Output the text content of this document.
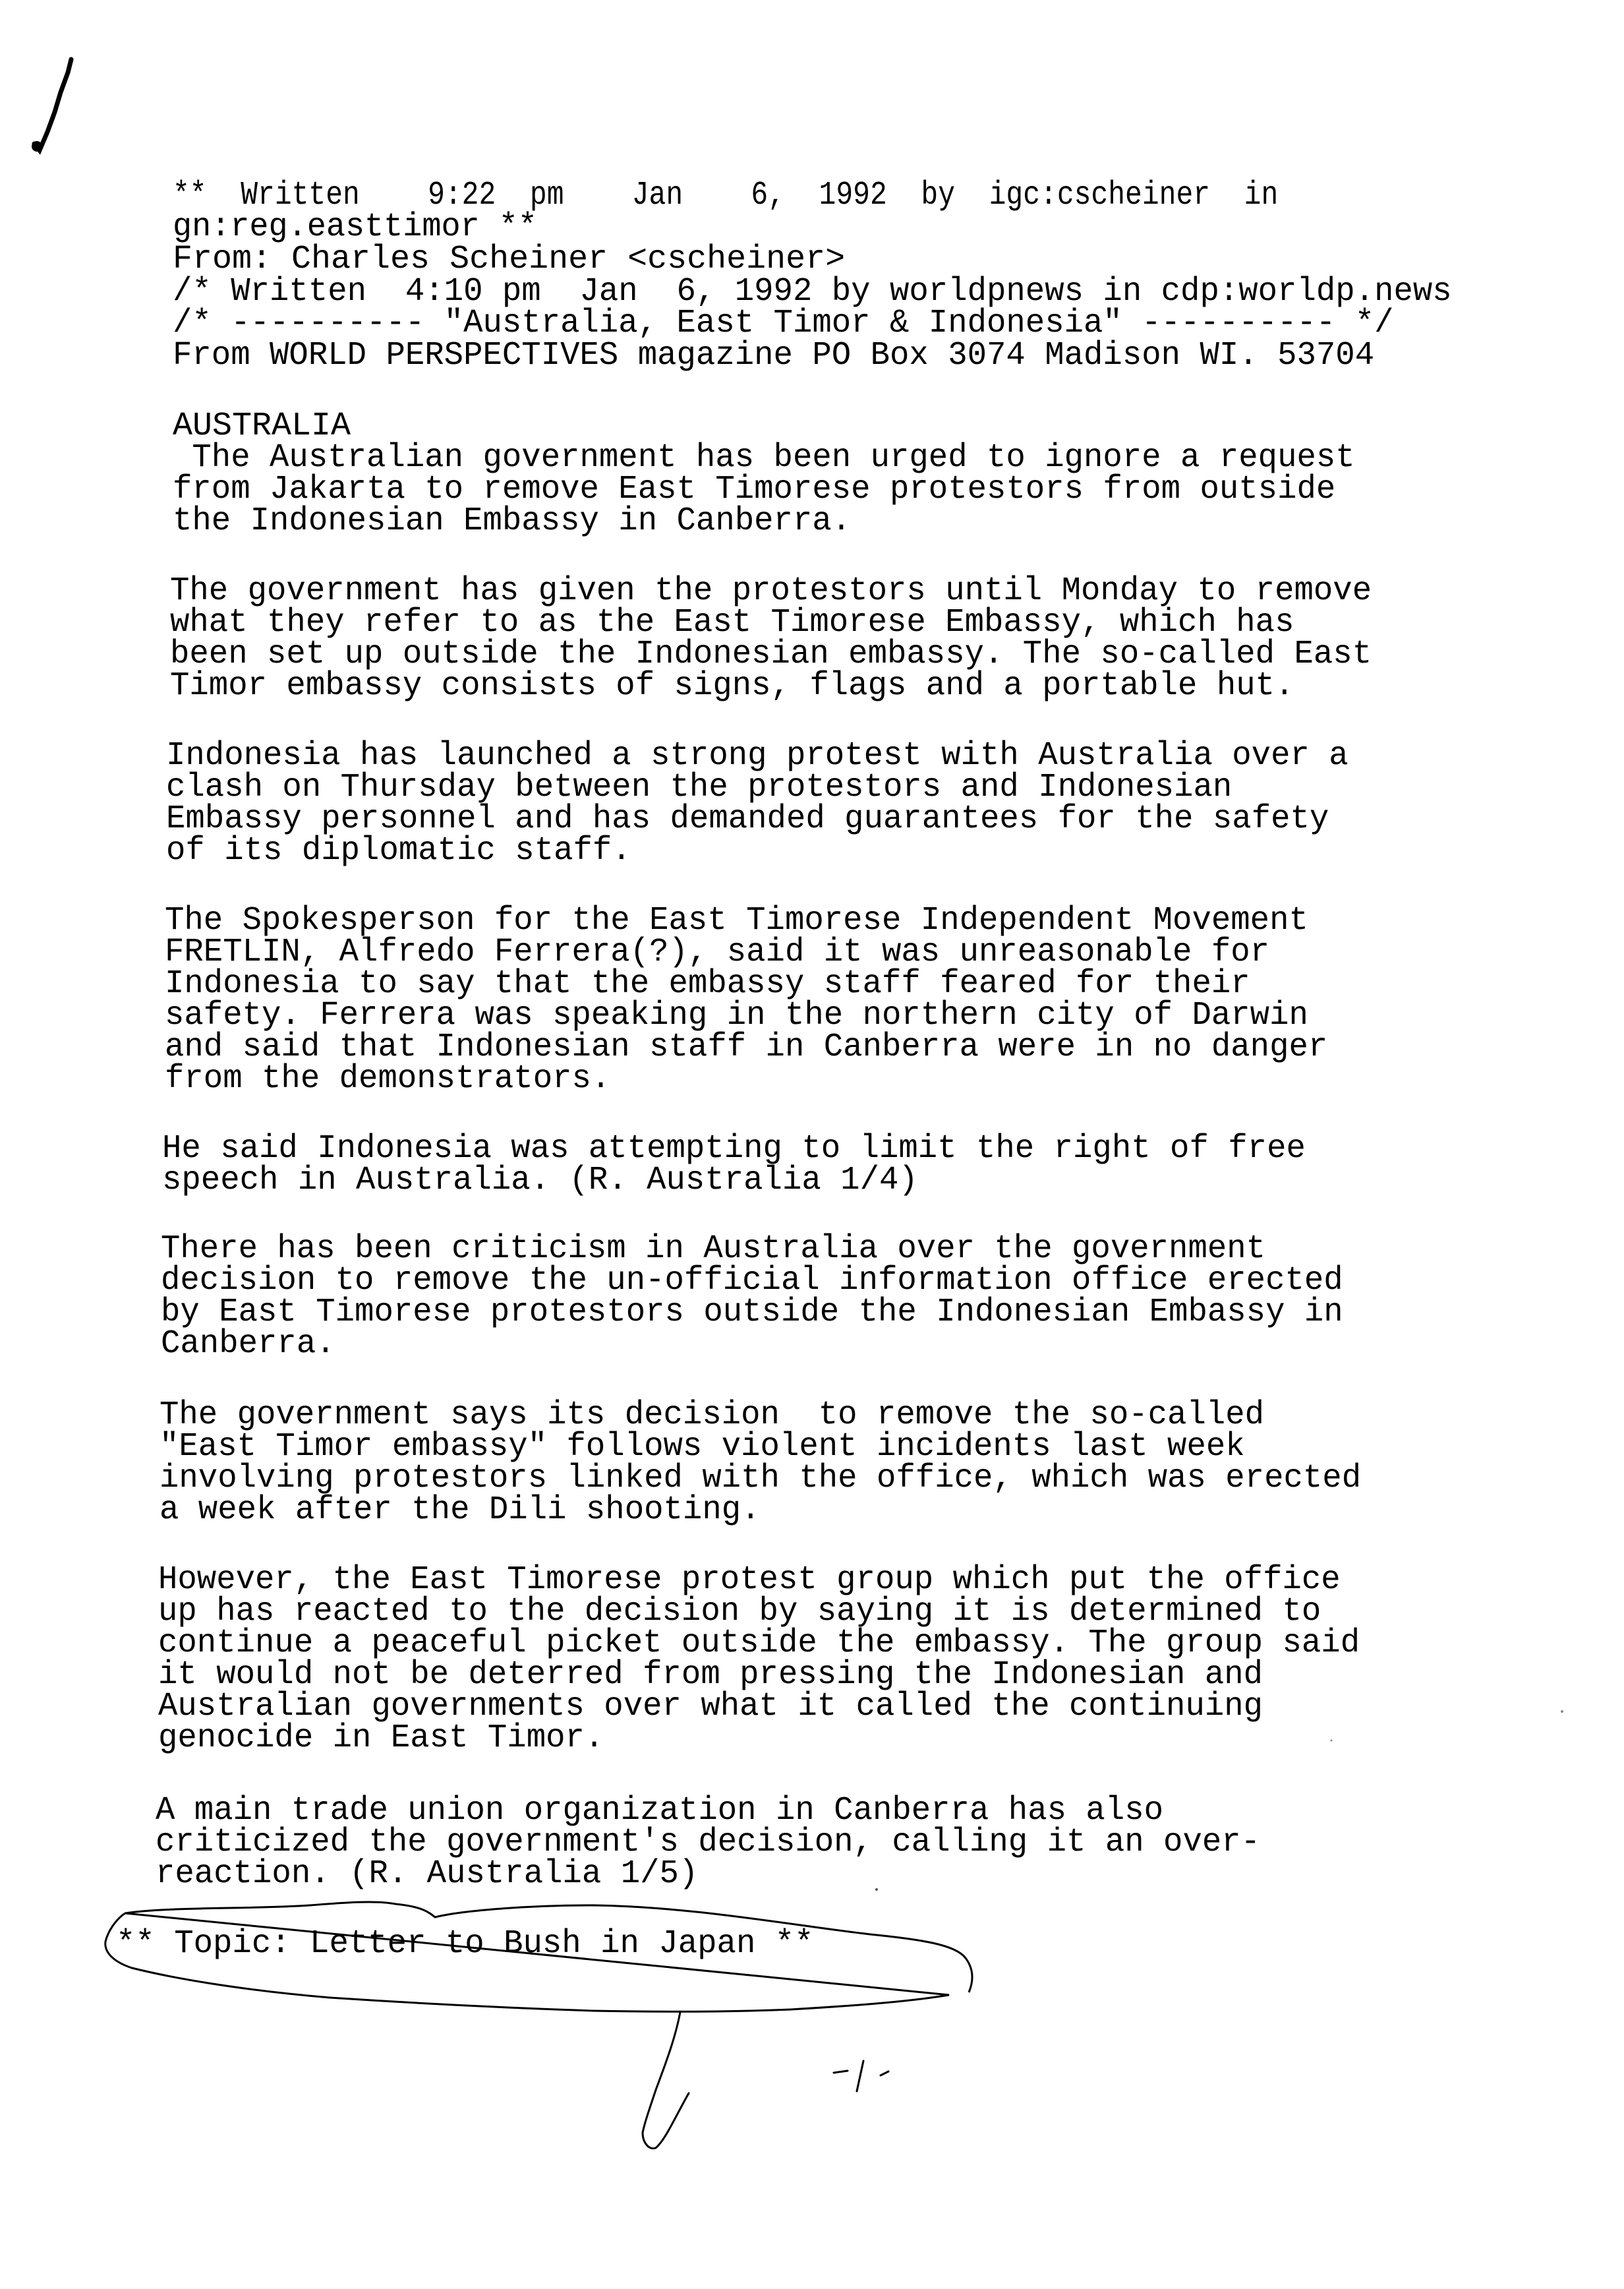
**  Written    9:22  pm    Jan    6,  1992  by  igc:cscheiner  in
gn:reg.easttimor **
From: Charles Scheiner <cscheiner>
/* Written  4:10 pm  Jan  6, 1992 by worldpnews in cdp:worldp.news
/* ---------- "Australia, East Timor & Indonesia" ---------- */
From WORLD PERSPECTIVES magazine PO Box 3074 Madison WI. 53704
AUSTRALIA
The Australian government has been urged to ignore a request
from Jakarta to remove East Timorese protestors from outside
the Indonesian Embassy in Canberra.
The government has given the protestors until Monday to remove
what they refer to as the East Timorese Embassy, which has
been set up outside the Indonesian embassy. The so-called East
Timor embassy consists of signs, flags and a portable hut.
Indonesia has launched a strong protest with Australia over a
clash on Thursday between the protestors and Indonesian
Embassy personnel and has demanded guarantees for the safety
of its diplomatic staff.
The Spokesperson for the East Timorese Independent Movement
FRETLIN, Alfredo Ferrera(?), said it was unreasonable for
Indonesia to say that the embassy staff feared for their
safety. Ferrera was speaking in the northern city of Darwin
and said that Indonesian staff in Canberra were in no danger
from the demonstrators.
He said Indonesia was attempting to limit the right of free
speech in Australia. (R. Australia 1/4)
There has been criticism in Australia over the government
decision to remove the un-official information office erected
by East Timorese protestors outside the Indonesian Embassy in
Canberra.
The government says its decision  to remove the so-called
"East Timor embassy" follows violent incidents last week
involving protestors linked with the office, which was erected
a week after the Dili shooting.
However, the East Timorese protest group which put the office
up has reacted to the decision by saying it is determined to
continue a peaceful picket outside the embassy. The group said
it would not be deterred from pressing the Indonesian and
Australian governments over what it called the continuing
genocide in East Timor.
A main trade union organization in Canberra has also
criticized the government's decision, calling it an over-
reaction. (R. Australia 1/5)
** Topic: Letter to Bush in Japan **
